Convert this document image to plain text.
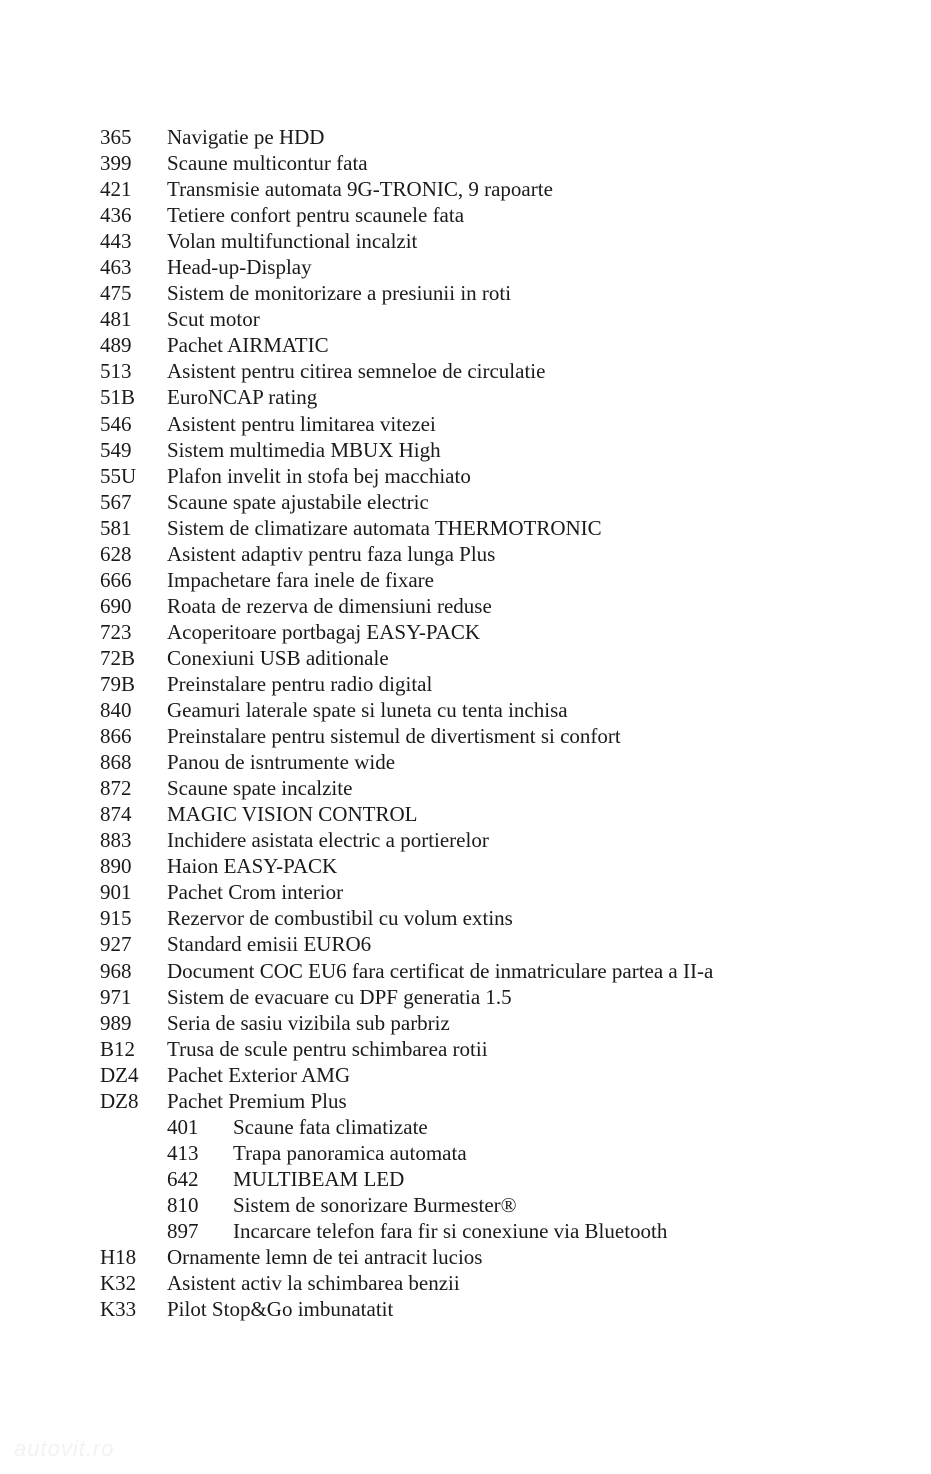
365 Navigatie pe HDD
399 Scaune multicontur fata
421 Transmisie automata 9G-TRONIC, 9 rapoarte
436 Tetiere confort pentru scaunele fata
443 Volan multifunctional incalzit
463 Head-up-Display
475 Sistem de monitorizare a presiunii in roti
481 Scut motor
489 Pachet AIRMATIC
513 Asistent pentru citirea semneloe de circulatie
51B EuroNCAP rating
546 Asistent pentru limitarea vitezei
549 Sistem multimedia MBUX High
55U Plafon invelit in stofa bej macchiato
567 Scaune spate ajustabile electric
581 Sistem de climatizare automata THERMOTRONIC
628 Asistent adaptiv pentru faza lunga Plus
666 Impachetare fara inele de fixare
690 Roata de rezerva de dimensiuni reduse
723 Acoperitoare portbagaj EASY-PACK
72B Conexiuni USB aditionale
79B Preinstalare pentru radio digital
840 Geamuri laterale spate si luneta cu tenta inchisa
866 Preinstalare pentru sistemul de divertisment si confort
868 Panou de isntrumente wide
872 Scaune spate incalzite
874 MAGIC VISION CONTROL
883 Inchidere asistata electric a portierelor
890 Haion EASY-PACK
901 Pachet Crom interior
915 Rezervor de combustibil cu volum extins
927 Standard emisii EURO6
968 Document COC EU6 fara certificat de inmatriculare partea a II-a
971 Sistem de evacuare cu DPF generatia 1.5
989 Seria de sasiu vizibila sub parbriz
B12 Trusa de scule pentru schimbarea rotii
DZ4 Pachet Exterior AMG
DZ8 Pachet Premium Plus
401 Scaune fata climatizate
413 Trapa panoramica automata
642 MULTIBEAM LED
810 Sistem de sonorizare Burmester®
897 Incarcare telefon fara fir si conexiune via Bluetooth
H18 Ornamente lemn de tei antracit lucios
K32 Asistent activ la schimbarea benzii
K33 Pilot Stop&Go imbunatatit
autovit.ro
